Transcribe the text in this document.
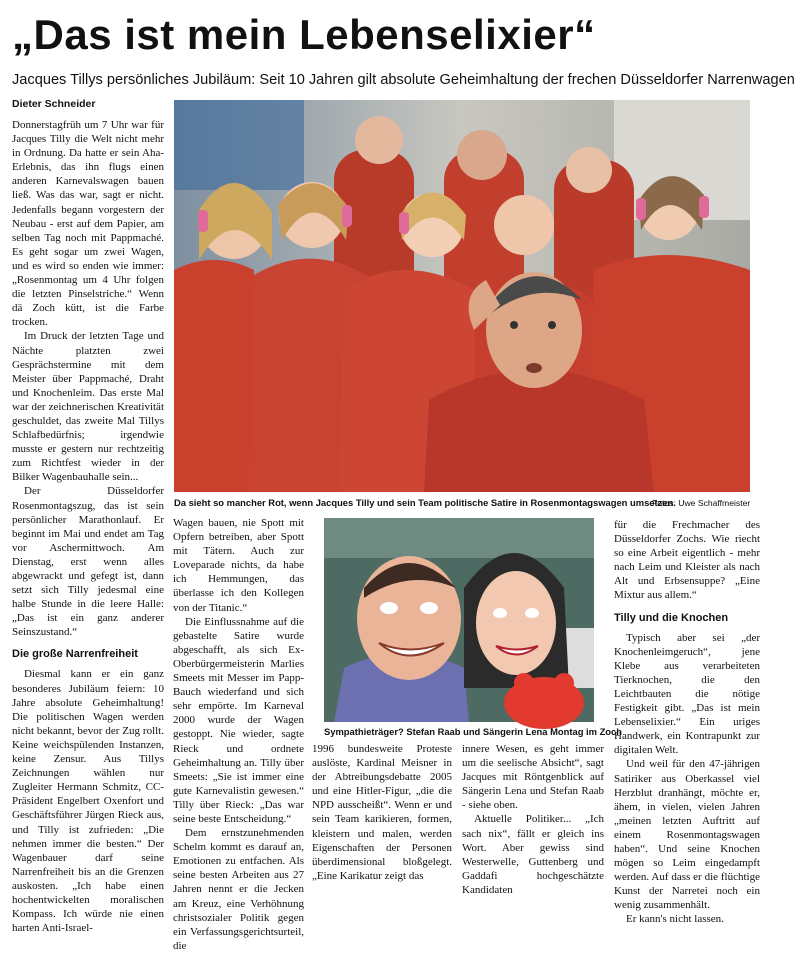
„Das ist mein Lebenselixier“
Jacques Tillys persönliches Jubiläum: Seit 10 Jahren gilt absolute Geheimhaltung der frechen Düsseldorfer Narrenwagen
Dieter Schneider

Donnerstagfrüh um 7 Uhr war für Jacques Tilly die Welt nicht mehr in Ordnung. Da hatte er sein Aha-Erlebnis, das ihn flugs einen anderen Karnevalswagen bauen ließ. Was das war, sagt er nicht. Jedenfalls begann vorgestern der Neubau - erst auf dem Papier, am selben Tag noch mit Pappmaché. Es geht sogar um zwei Wagen, und es wird so enden wie immer: „Rosenmontag um 4 Uhr folgen die letzten Pinselstriche.“ Wenn dä Zoch kütt, ist die Farbe trocken.

Im Druck der letzten Tage und Nächte platzten zwei Gesprächstermine mit dem Meister über Pappmaché, Draht und Knochenleim. Das erste Mal war der zeichnerischen Kreativität geschuldet, das zweite Mal Tillys Schlafbedürfnis; irgendwie musste er gestern nur rechtzeitig zum Richtfest wieder in der Bilker Wagenbauhalle sein...

Der Düsseldorfer Rosenmontagszug, das ist sein persönlicher Marathonlauf. Er beginnt im Mai und endet am Tag vor Aschermittwoch. Am Dienstag, erst wenn alles abgewrackt und gefegt ist, dann setzt sich Tilly jedesmal eine halbe Stunde in die leere Halle: „Das ist ein ganz anderer Seinszustand.“

Die große Narrenfreiheit

Diesmal kann er ein ganz besonderes Jubiläum feiern: 10 Jahre absolute Geheimhaltung! Die politischen Wagen werden nicht bekannt, bevor der Zug rollt. Keine weichspülenden Instanzen, keine Zensur. Aus Tillys Zeichnungen wählen nur Zugleiter Hermann Schmitz, CC-Präsident Engelbert Oxenfort und Geschäftsführer Jürgen Rieck aus, und Tilly ist zufrieden: „Die nehmen immer die besten.“ Der Wagenbauer darf seine Narrenfreiheit bis an die Grenzen auskosten. „Ich habe einen hochentwickelten moralischen Kompass. Ich würde nie einen harten Anti-Israel-

Da sieht so mancher Rot, wenn Jacques Tilly und sein Team politische Satire in Rosenmontagswagen umsetzen.
Fotos: Uwe Schaffmeister

Wagen bauen, nie Spott mit Opfern betreiben, aber Spott mit Tätern. Auch zur Loveparade nichts, da habe ich Hemmungen, das überlasse ich den Kollegen von der Titanic.“

Die Einflussnahme auf die gebastelte Satire wurde abgeschafft, als sich Ex-Oberbürgermeisterin Marlies Smeets mit Messer im Papp-Bauch wiederfand und sich sehr empörte. Im Karneval 2000 wurde der Wagen gestoppt. Nie wieder, sagte Rieck und ordnete Geheimhaltung an. Tilly über Smeets: „Sie ist immer eine gute Karnevalistin gewesen.“ Tilly über Rieck: „Das war seine beste Entscheidung.“

Dem ernstzunehmenden Schelm kommt es darauf an, Emotionen zu entfachen. Als seine besten Arbeiten aus 27 Jahren nennt er die Jecken am Kreuz, eine Verhöhnung christsozialer Politik gegen ein Verfassungsgerichtsurteil, die

Sympathieträger? Stefan Raab und Sängerin Lena Montag im Zoch

1996 bundesweite Proteste auslöste, Kardinal Meisner in der Abtreibungsdebatte 2005 und eine Hitler-Figur, „die die NPD ausscheißt“. Wenn er und sein Team karikieren, formen, kleistern und malen, werden Eigenschaften der Personen überdimensional bloßgelegt. „Eine Karikatur zeigt das

innere Wesen, es geht immer um die seelische Absicht“, sagt Jacques mit Röntgenblick auf Sängerin Lena und Stefan Raab - siehe oben.

Aktuelle Politiker... „Ich sach nix“, fällt er gleich ins Wort. Aber gewiss sind Westerwelle, Guttenberg und Gaddafi hochgeschätzte Kandidaten

für die Frechmacher des Düsseldorfer Zochs. Wie riecht so eine Arbeit eigentlich - mehr nach Leim und Kleister als nach Alt und Erbsensuppe? „Eine Mixtur aus allem.“

Tilly und die Knochen

Typisch aber sei „der Knochenleimgeruch“, jene Klebe aus verarbeiteten Tierknochen, die den Leichtbauten die nötige Festigkeit gibt. „Das ist mein Lebenselixier.“ Ein uriges Handwerk, ein Kontrapunkt zur digitalen Welt.

Und weil für den 47-jährigen Satiriker aus Oberkassel viel Herzblut dranhängt, möchte er, ähem, in vielen, vielen Jahren „meinen letzten Auftritt auf einem Rosenmontagswagen haben“. Und seine Knochen mögen so Leim eingedampft werden. Auf dass er die flüchtige Kunst der Narretei noch ein wenig zusammenhält.

Er kann's nicht lassen.
